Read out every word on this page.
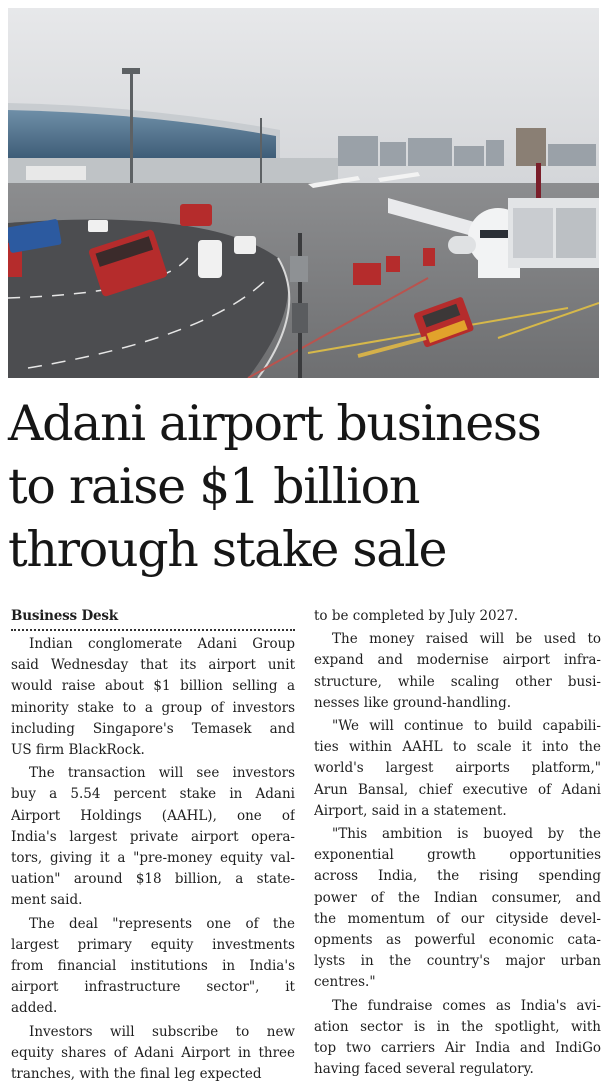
Adani airport business
to raise $1 billion
through stake sale
Business Desk
Indian conglomerate Adani Group
said Wednesday that its airport unit
would raise about $1 billion selling a
minority stake to a group of investors
including Singapore's Temasek and
US firm BlackRock.
The transaction will see investors
buy a 5.54 percent stake in Adani
Airport Holdings (AAHL), one of
India's largest private airport opera-
tors, giving it a "pre-money equity val-
uation" around $18 billion, a state-
ment said.
The deal "represents one of the
largest primary equity investments
from financial institutions in India's
airport infrastructure sector", it
added.
Investors will subscribe to new
equity shares of Adani Airport in three
tranches, with the final leg expected
to be completed by July 2027.
The money raised will be used to
expand and modernise airport infra-
structure, while scaling other busi-
nesses like ground-handling.
"We will continue to build capabili-
ties within AAHL to scale it into the
world's largest airports platform,"
Arun Bansal, chief executive of Adani
Airport, said in a statement.
"This ambition is buoyed by the
exponential growth opportunities
across India, the rising spending
power of the Indian consumer, and
the momentum of our cityside devel-
opments as powerful economic cata-
lysts in the country's major urban
centres."
The fundraise comes as India's avi-
ation sector is in the spotlight, with
top two carriers Air India and IndiGo
having faced several regulatory.
